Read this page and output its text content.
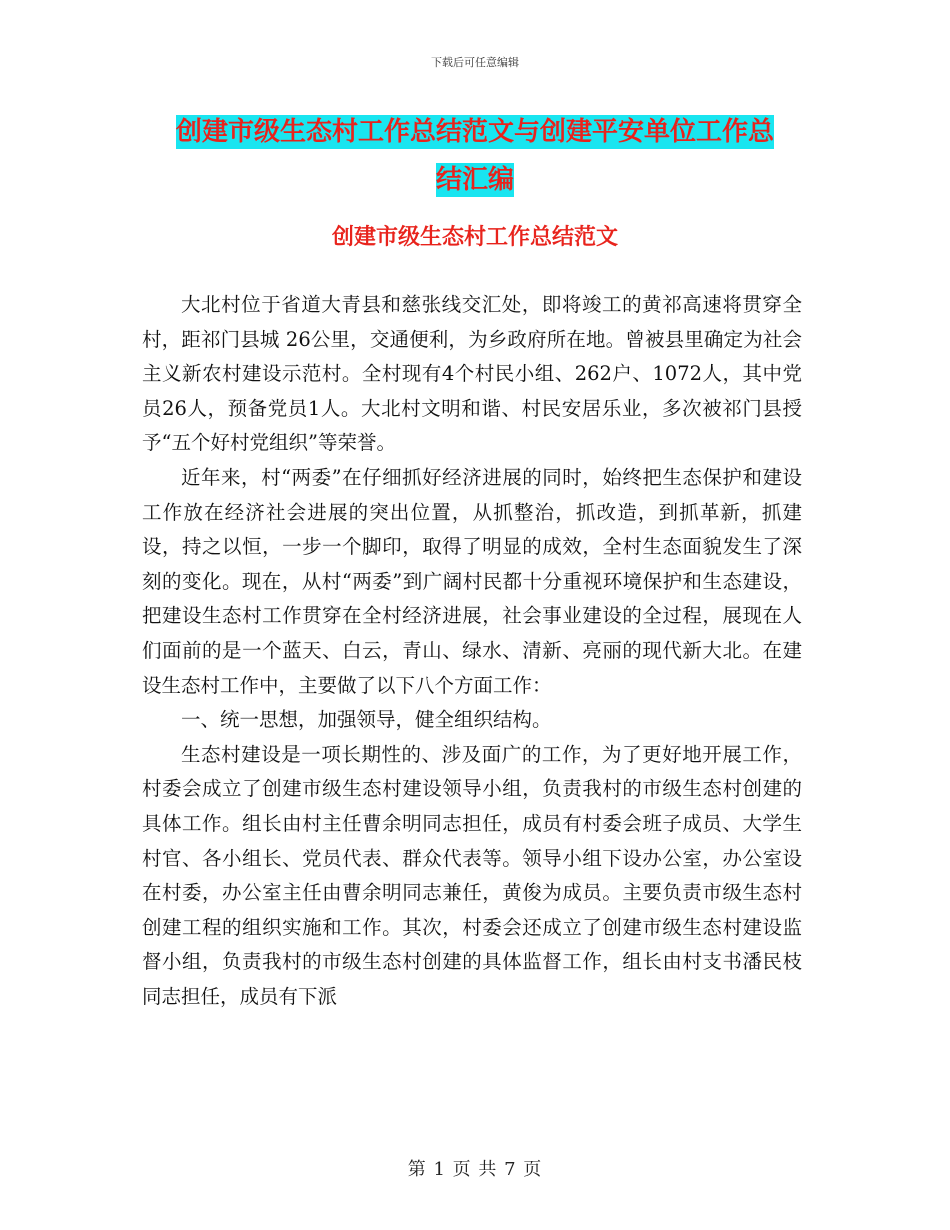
下载后可任意编辑
创建市级生态村工作总结范文与创建平安单位工作总
结汇编
创建市级生态村工作总结范文

大北村位于省道大青县和慈张线交汇处，即将竣工的黄祁高速将贯穿全村，距祁门县城 26公里，交通便利，为乡政府所在地。曾被县里确定为社会主义新农村建设示范村。全村现有4个村民小组、262户、1072人，其中党员26人，预备党员1人。大北村文明和谐、村民安居乐业，多次被祁门县授予“五个好村党组织”等荣誉。

近年来，村“两委”在仔细抓好经济进展的同时，始终把生态保护和建设工作放在经济社会进展的突出位置，从抓整治，抓改造，到抓革新，抓建设，持之以恒，一步一个脚印，取得了明显的成效，全村生态面貌发生了深刻的变化。现在，从村“两委”到广阔村民都十分重视环境保护和生态建设，把建设生态村工作贯穿在全村经济进展，社会事业建设的全过程，展现在人们面前的是一个蓝天、白云，青山、绿水、清新、亮丽的现代新大北。在建设生态村工作中，主要做了以下八个方面工作：

一、统一思想，加强领导，健全组织结构。

生态村建设是一项长期性的、涉及面广的工作，为了更好地开展工作，村委会成立了创建市级生态村建设领导小组，负责我村的市级生态村创建的具体工作。组长由村主任曹余明同志担任，成员有村委会班子成员、大学生村官、各小组长、党员代表、群众代表等。领导小组下设办公室，办公室设在村委，办公室主任由曹余明同志兼任，黄俊为成员。主要负责市级生态村创建工程的组织实施和工作。其次，村委会还成立了创建市级生态村建设监督小组，负责我村的市级生态村创建的具体监督工作，组长由村支书潘民枝同志担任，成员有下派

第 1 页 共 7 页
